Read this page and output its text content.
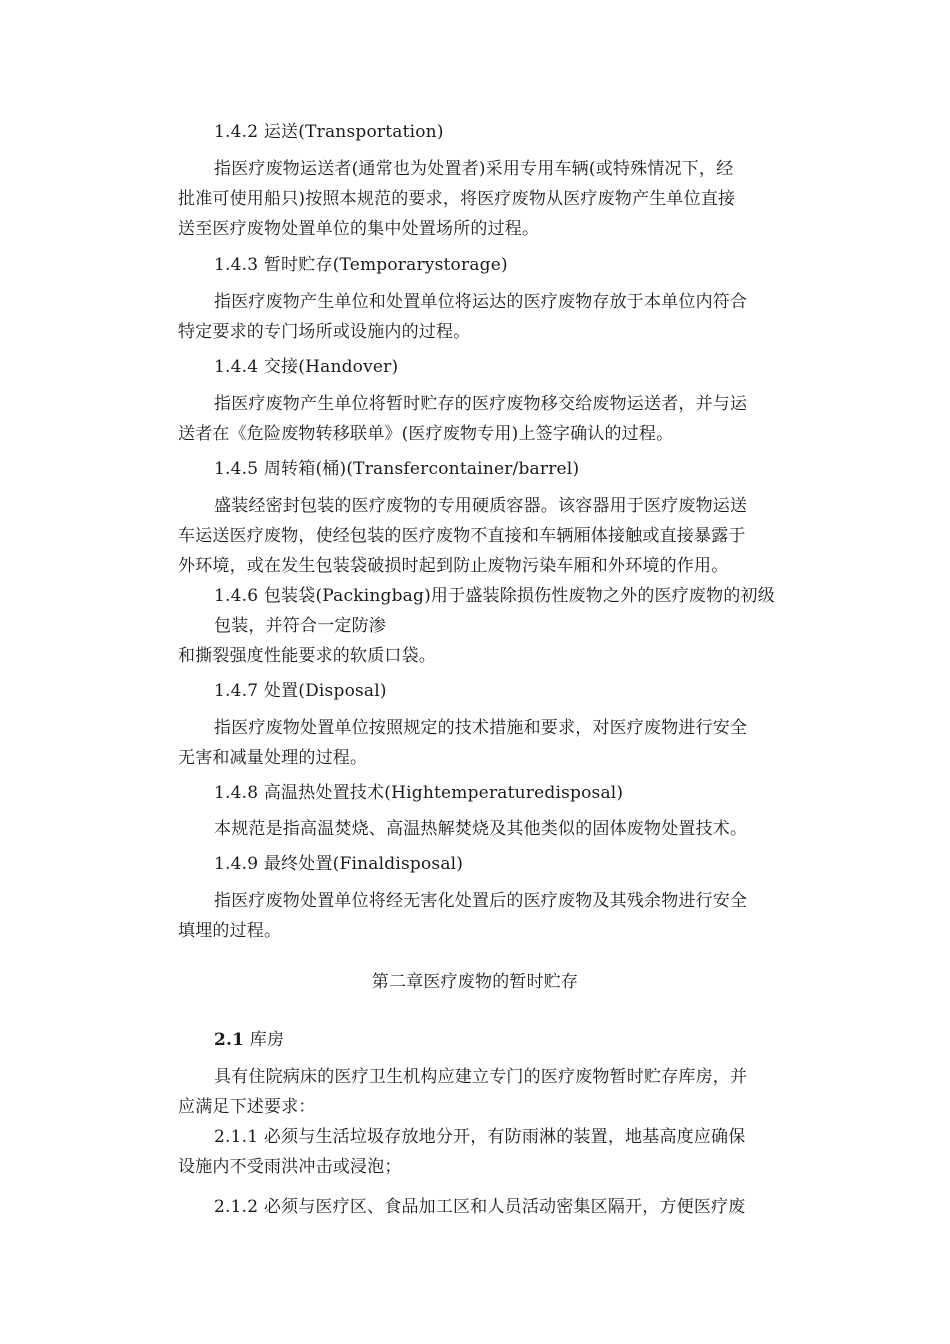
1.4.2 运送(Transportation)
指医疗废物运送者(通常也为处置者)采用专用车辆(或特殊情况下，经
批准可使用船只)按照本规范的要求，将医疗废物从医疗废物产生单位直接
送至医疗废物处置单位的集中处置场所的过程。
1.4.3 暂时贮存(Temporarystorage)
指医疗废物产生单位和处置单位将运达的医疗废物存放于本单位内符合
特定要求的专门场所或设施内的过程。
1.4.4 交接(Handover)
指医疗废物产生单位将暂时贮存的医疗废物移交给废物运送者，并与运
送者在《危险废物转移联单》(医疗废物专用)上签字确认的过程。
1.4.5 周转箱(桶)(Transfercontainer/barrel)
盛装经密封包装的医疗废物的专用硬质容器。该容器用于医疗废物运送
车运送医疗废物，使经包装的医疗废物不直接和车辆厢体接触或直接暴露于
外环境，或在发生包装袋破损时起到防止废物污染车厢和外环境的作用。
1.4.6 包装袋(Packingbag)用于盛装除损伤性废物之外的医疗废物的初级
包装，并符合一定防渗
和撕裂强度性能要求的软质口袋。
1.4.7 处置(Disposal)
指医疗废物处置单位按照规定的技术措施和要求，对医疗废物进行安全
无害和减量处理的过程。
1.4.8 高温热处置技术(Hightemperaturedisposal)
本规范是指高温焚烧、高温热解焚烧及其他类似的固体废物处置技术。
1.4.9 最终处置(Finaldisposal)
指医疗废物处置单位将经无害化处置后的医疗废物及其残余物进行安全
填埋的过程。
第二章医疗废物的暂时贮存
2.1 库房
具有住院病床的医疗卫生机构应建立专门的医疗废物暂时贮存库房，并
应满足下述要求：
2.1.1 必须与生活垃圾存放地分开，有防雨淋的装置，地基高度应确保
设施内不受雨洪冲击或浸泡；
2.1.2 必须与医疗区、食品加工区和人员活动密集区隔开，方便医疗废
